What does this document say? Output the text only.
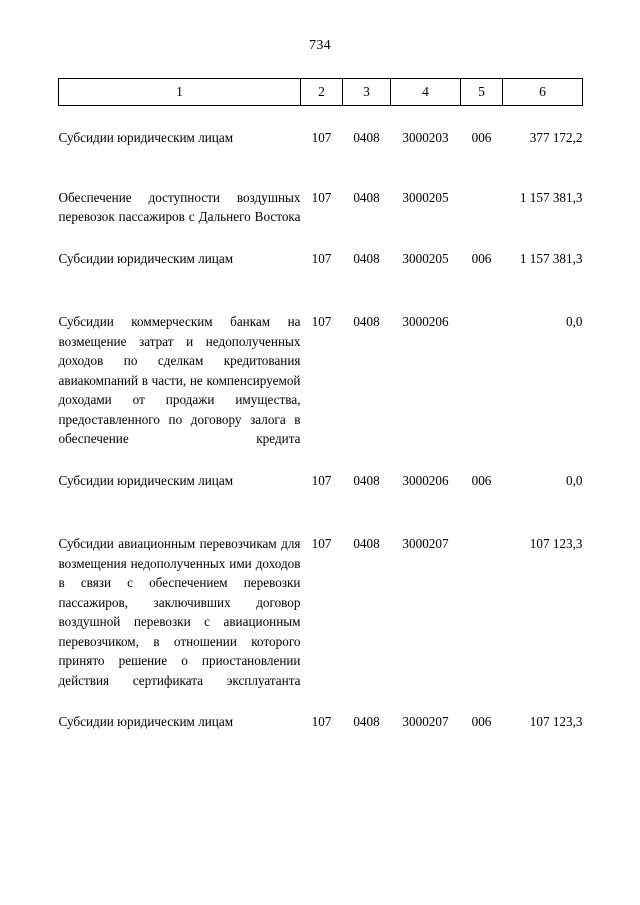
734
1	2	3	4	5	6

Субсидии юридическим лицам	107	0408	3000203	006	377 172,2

Обеспечение доступности воздушных перевозок пассажиров с Дальнего Востока	107	0408	3000205		1 157 381,3

Субсидии юридическим лицам	107	0408	3000205	006	1 157 381,3

Субсидии коммерческим банкам на возмещение затрат и недополученных доходов по сделкам кредитования авиакомпаний в части, не компенсируемой доходами от продажи имущества, предоставленного по договору залога в обеспечение кредита	107	0408	3000206		0,0

Субсидии юридическим лицам	107	0408	3000206	006	0,0

Субсидии авиационным перевозчикам для возмещения недополученных ими доходов в связи с обеспечением перевозки пассажиров, заключивших договор воздушной перевозки с авиационным перевозчиком, в отношении которого принято решение о приостановлении действия сертификата эксплуатанта	107	0408	3000207		107 123,3

Субсидии юридическим лицам	107	0408	3000207	006	107 123,3
